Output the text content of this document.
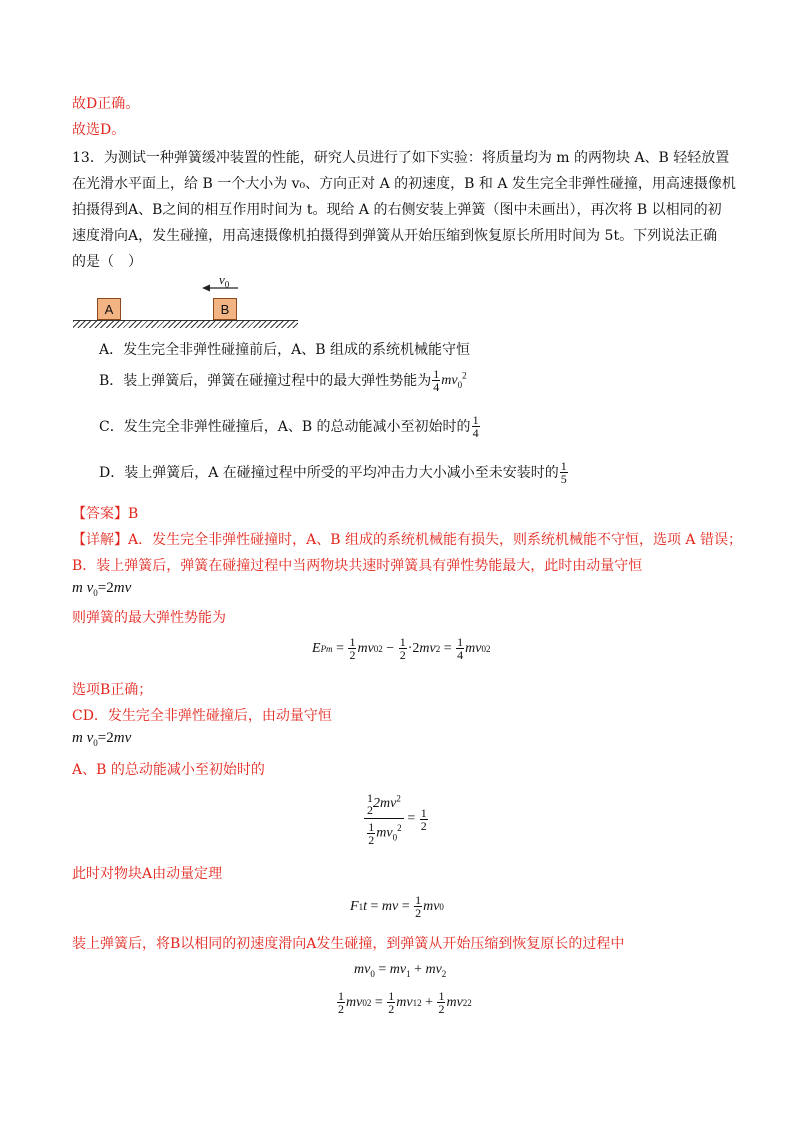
故D正确。
故选D。
13．为测试一种弹簧缓冲装置的性能，研究人员进行了如下实验：将质量均为 m 的两物块 A、B 轻轻放置
在光滑水平面上，给 B 一个大小为 v₀、方向正对 A 的初速度，B 和 A 发生完全非弹性碰撞，用高速摄像机
拍摄得到A、B之间的相互作用时间为 t。现给 A 的右侧安装上弹簧（图中未画出），再次将 B 以相同的初
速度滑向A，发生碰撞，用高速摄像机拍摄得到弹簧从开始压缩到恢复原长所用时间为 5t。下列说法正确
的是（　）
$v_0$
A	B
A．发生完全非弹性碰撞前后，A、B 组成的系统机械能守恒
B．装上弹簧后，弹簧在碰撞过程中的最大弹性势能为 $\frac{1}{4} mv_0^2$
C．发生完全非弹性碰撞后，A、B 的总动能减小至初始时的 $\frac{1}{4}$
D．装上弹簧后，A 在碰撞过程中所受的平均冲击力大小减小至未安装时的 $\frac{1}{5}$
【答案】B
【详解】A．发生完全非弹性碰撞时，A、B 组成的系统机械能有损失，则系统机械能不守恒，选项 A 错误；
B．装上弹簧后，弹簧在碰撞过程中当两物块共速时弹簧具有弹性势能最大，此时由动量守恒
m $v_0=2mv$
则弹簧的最大弹性势能为
E $Pm = \frac{1}{2}$ mv 0 $2 - \frac{1}{2} \cdot 2$ mv $2 = \frac{1}{4}$ mv 0 2
选项B正确；
CD．发生完全非弹性碰撞后，由动量守恒
m $v_0=2mv$
A、B 的总动能减小至初始时的
1
$22mv^2$
$\frac{1}{2} mv_0^2$
= $\frac{1}{2}$
此时对物块A由动量定理
F 1 t = mv = $\frac{1}{2}$ mv 0
装上弹簧后，将B以相同的初速度滑向A发生碰撞，到弹簧从开始压缩到恢复原长的过程中
$mv_0 = mv_1 + mv_2$
$\frac{1}{2}$ mv 0 $2 = \frac{1}{2}$ mv 1 $2 + \frac{1}{2}$ mv 2 2
